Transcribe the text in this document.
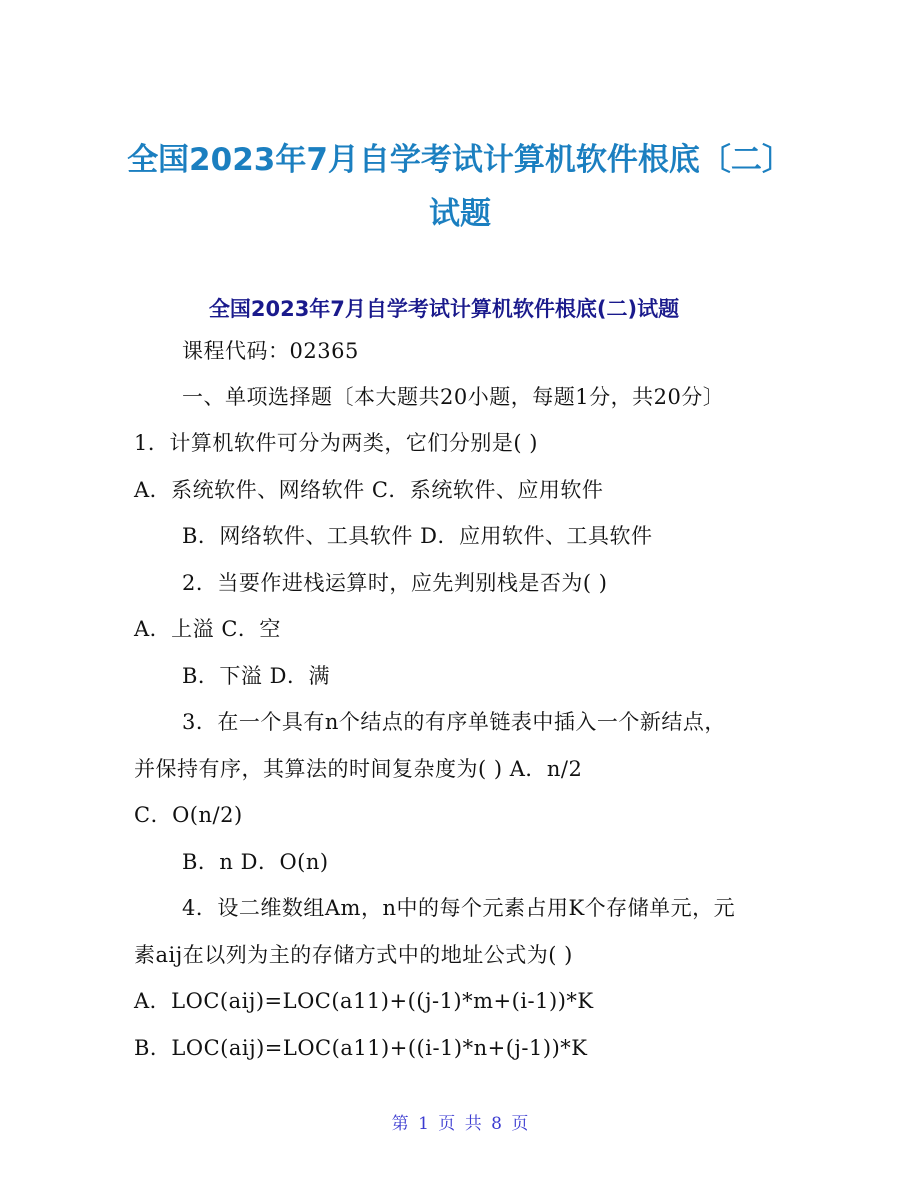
全国2023年7月自学考试计算机软件根底〔二〕试题
全国2023年7月自学考试计算机软件根底(二)试题
课程代码：02365
一、单项选择题〔本大题共20小题，每题1分，共20分〕
1．计算机软件可分为两类，它们分别是( )
A．系统软件、网络软件 C．系统软件、应用软件
B．网络软件、工具软件 D．应用软件、工具软件
2．当要作进栈运算时，应先判别栈是否为( )
A．上溢 C．空
B．下溢 D．满
3．在一个具有n个结点的有序单链表中插入一个新结点，
并保持有序，其算法的时间复杂度为( ) A．n/2
C．O(n/2)
B．n D．O(n)
4．设二维数组Am，n中的每个元素占用K个存储单元，元
素aij在以列为主的存储方式中的地址公式为( )
A．LOC(aij)=LOC(a11)+((j-1)*m+(i-1))*K
B．LOC(aij)=LOC(a11)+((i-1)*n+(j-1))*K
第 1 页 共 8 页
